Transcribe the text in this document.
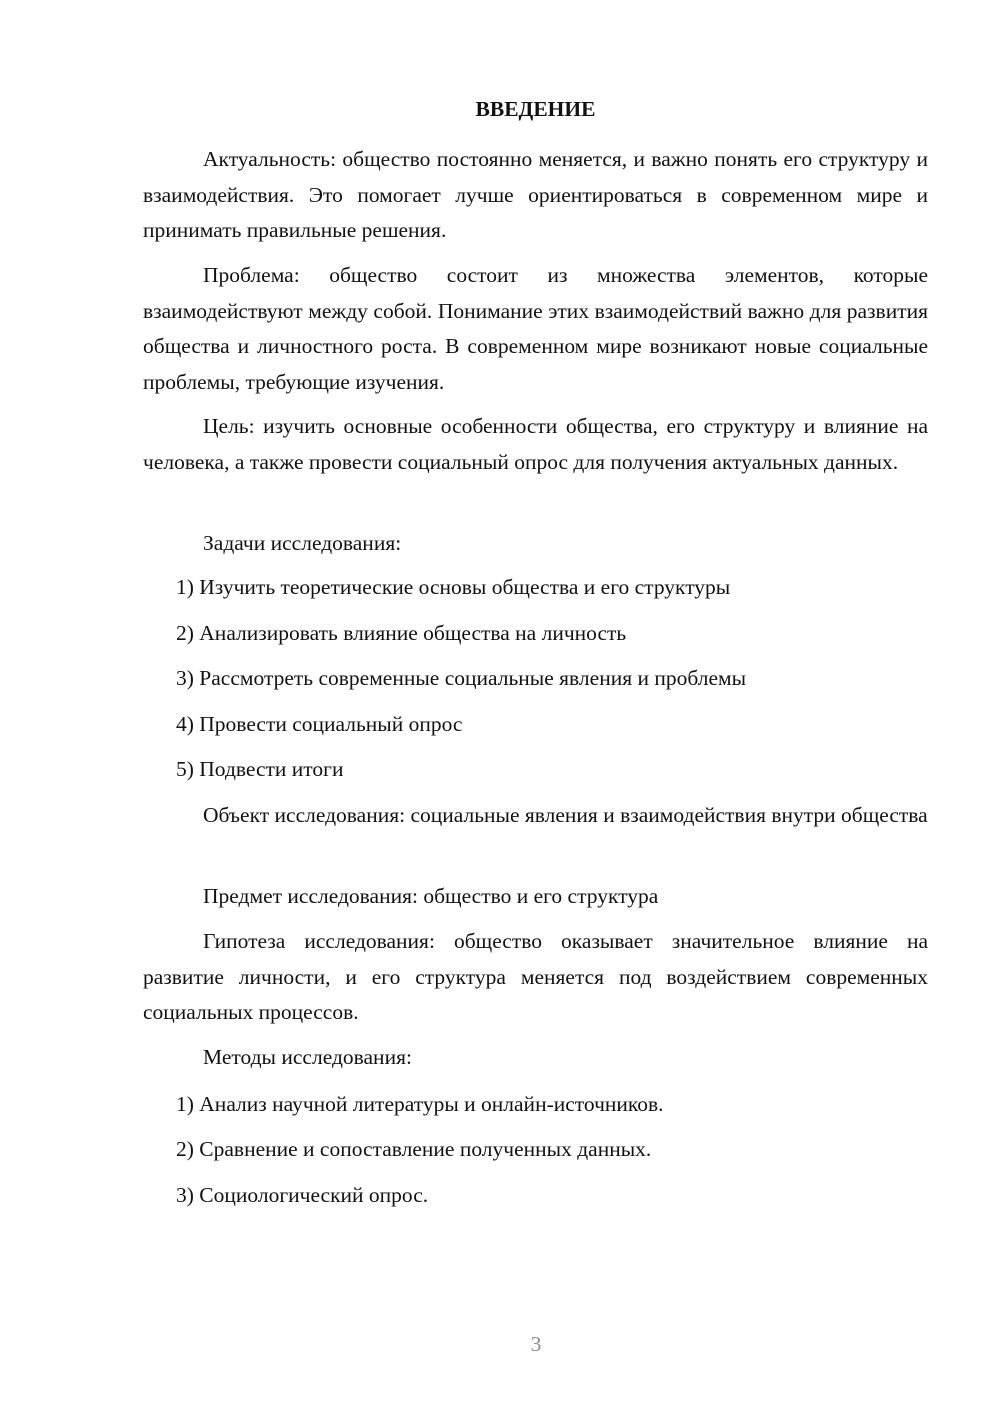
ВВЕДЕНИЕ

Актуальность: общество постоянно меняется, и важно понять его структуру и взаимодействия. Это помогает лучше ориентироваться в современном мире и принимать правильные решения.

Проблема: общество состоит из множества элементов, которые взаимодействуют между собой. Понимание этих взаимодействий важно для развития общества и личностного роста. В современном мире возникают новые социальные проблемы, требующие изучения.

Цель: изучить основные особенности общества, его структуру и влияние на человека, а также провести социальный опрос для получения актуальных данных.

Задачи исследования:

1) Изучить теоретические основы общества и его структуры

2) Анализировать влияние общества на личность

3) Рассмотреть современные социальные явления и проблемы

4) Провести социальный опрос

5) Подвести итоги

Объект исследования: социальные явления и взаимодействия внутри общества

Предмет исследования: общество и его структура

Гипотеза исследования: общество оказывает значительное влияние на развитие личности, и его структура меняется под воздействием современных социальных процессов.

Методы исследования:

1) Анализ научной литературы и онлайн-источников.

2) Сравнение и сопоставление полученных данных.

3) Социологический опрос.

3
